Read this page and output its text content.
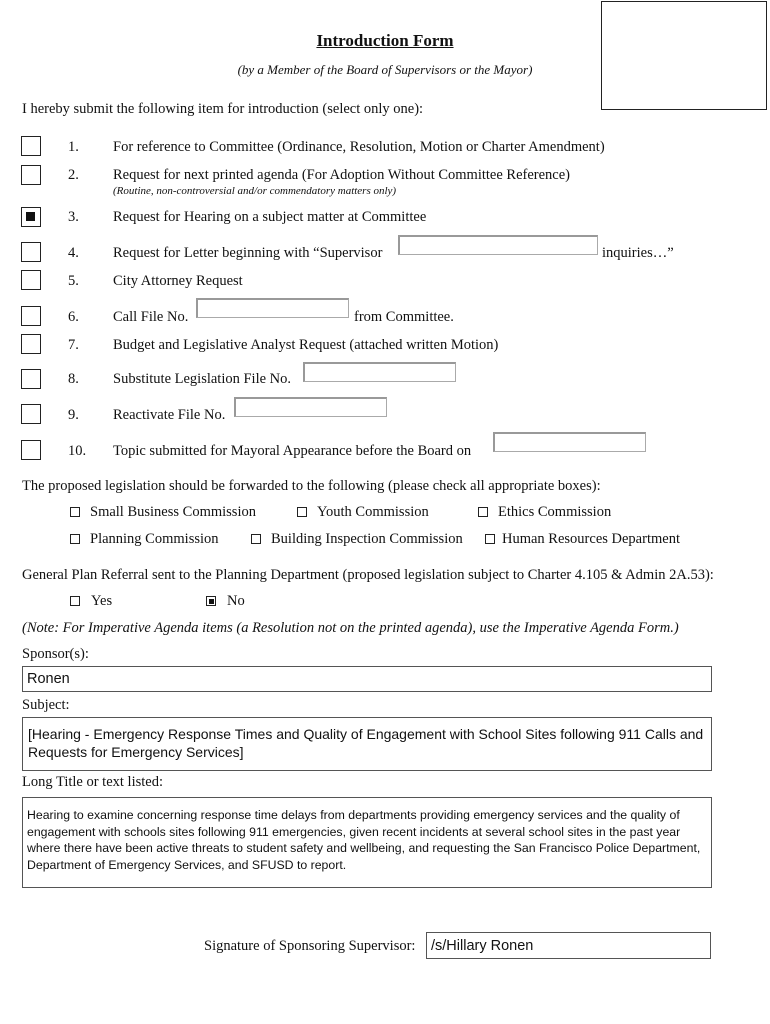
Introduction Form
(by a Member of the Board of Supervisors or the Mayor)
I hereby submit the following item for introduction (select only one):
1. For reference to Committee (Ordinance, Resolution, Motion or Charter Amendment)
2. Request for next printed agenda (For Adoption Without Committee Reference)
(Routine, non-controversial and/or commendatory matters only)
3. Request for Hearing on a subject matter at Committee
4. Request for Letter beginning with “Supervisor	inquiries…”
5. City Attorney Request
6. Call File No.	from Committee.
7. Budget and Legislative Analyst Request (attached written Motion)
8. Substitute Legislation File No.
9. Reactivate File No.
10. Topic submitted for Mayoral Appearance before the Board on
The proposed legislation should be forwarded to the following (please check all appropriate boxes):
Small Business Commission	Youth Commission	Ethics Commission
Planning Commission	Building Inspection Commission	Human Resources Department
General Plan Referral sent to the Planning Department (proposed legislation subject to Charter 4.105 & Admin 2A.53):
Yes	No
(Note: For Imperative Agenda items (a Resolution not on the printed agenda), use the Imperative Agenda Form.)
Sponsor(s):
Ronen
Subject:
[Hearing - Emergency Response Times and Quality of Engagement with School Sites following 911 Calls and Requests for Emergency Services]
Long Title or text listed:
Hearing to examine concerning response time delays from departments providing emergency services and the quality of engagement with schools sites following 911 emergencies, given recent incidents at several school sites in the past year where there have been active threats to student safety and wellbeing, and requesting the San Francisco Police Department, Department of Emergency Services, and SFUSD to report.
Signature of Sponsoring Supervisor:	/s/Hillary Ronen
